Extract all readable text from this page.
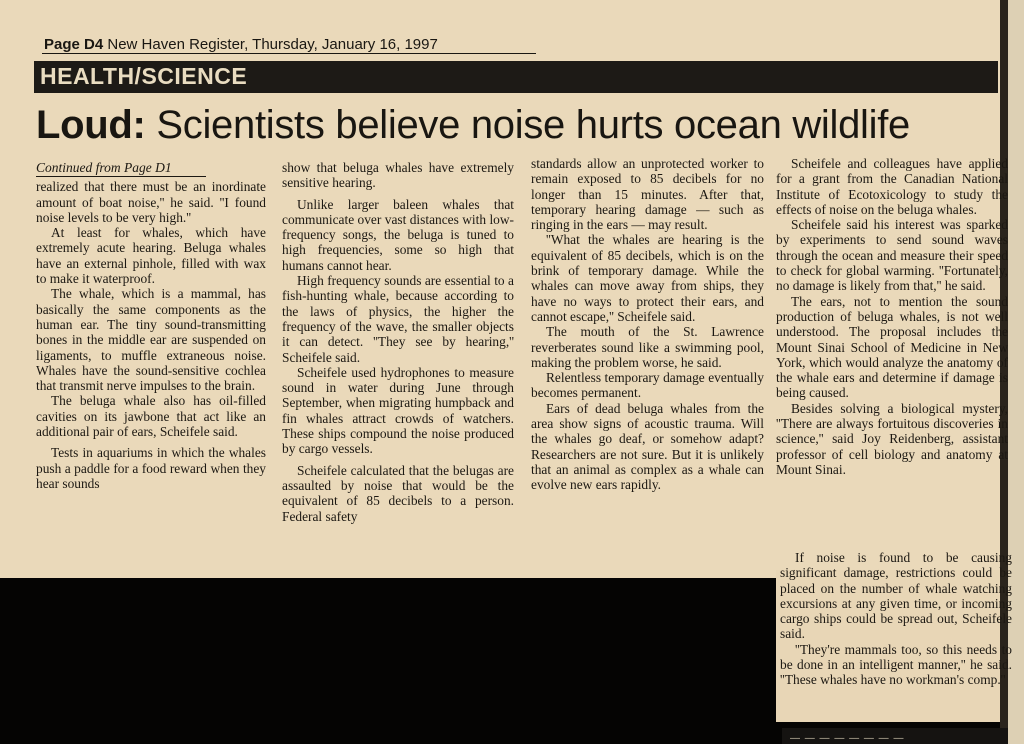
Page D4 New Haven Register, Thursday, January 16, 1997
HEALTH/SCIENCE
Loud: Scientists believe noise hurts ocean wildlife
Continued from Page D1

realized that there must be an inordinate amount of boat noise,'' he said. ''I found noise levels to be very high.''

At least for whales, which have extremely acute hearing. Beluga whales have an external pinhole, filled with wax to make it waterproof.

The whale, which is a mammal, has basically the same components as the human ear. The tiny sound-transmitting bones in the middle ear are suspended on ligaments, to muffle extraneous noise. Whales have the sound-sensitive cochlea that transmit nerve impulses to the brain.

The beluga whale also has oil-filled cavities on its jawbone that act like an additional pair of ears, Scheifele said.

Tests in aquariums in which the whales push a paddle for a food reward when they hear sounds

show that beluga whales have extremely sensitive hearing.

Unlike larger baleen whales that communicate over vast distances with low-frequency songs, the beluga is tuned to high frequencies, some so high that humans cannot hear.

High frequency sounds are essential to a fish-hunting whale, because according to the laws of physics, the higher the frequency of the wave, the smaller objects it can detect. ''They see by hearing,'' Scheifele said.

Scheifele used hydrophones to measure sound in water during June through September, when migrating humpback and fin whales attract crowds of watchers. These ships compound the noise produced by cargo vessels.

Scheifele calculated that the belugas are assaulted by noise that would be the equivalent of 85 decibels to a person. Federal safety

standards allow an unprotected worker to remain exposed to 85 decibels for no longer than 15 minutes. After that, temporary hearing damage — such as ringing in the ears — may result.

''What the whales are hearing is the equivalent of 85 decibels, which is on the brink of temporary damage. While the whales can move away from ships, they have no ways to protect their ears, and cannot escape,'' Scheifele said.

The mouth of the St. Lawrence reverberates sound like a swimming pool, making the problem worse, he said.

Relentless temporary damage eventually becomes permanent.

Ears of dead beluga whales from the area show signs of acoustic trauma. Will the whales go deaf, or somehow adapt? Researchers are not sure. But it is unlikely that an animal as complex as a whale can evolve new ears rapidly.

Scheifele and colleagues have applied for a grant from the Canadian National Institute of Ecotoxicology to study the effects of noise on the beluga whales.

Scheifele said his interest was sparked by experiments to send sound waves through the ocean and measure their speed to check for global warming. ''Fortunately, no damage is likely from that,'' he said.

The ears, not to mention the sound production of beluga whales, is not well understood. The proposal includes the Mount Sinai School of Medicine in New York, which would analyze the anatomy of the whale ears and determine if damage is being caused.

Besides solving a biological mystery, ''There are always fortuitous discoveries in science,'' said Joy Reidenberg, assistant professor of cell biology and anatomy at Mount Sinai.

If noise is found to be causing significant damage, restrictions could be placed on the number of whale watching excursions at any given time, or incoming cargo ships could be spread out, Scheifele said.

''They're mammals too, so this needs to be done in an intelligent manner,'' he said. ''These whales have no workman's comp.''

— — — — — — — —
